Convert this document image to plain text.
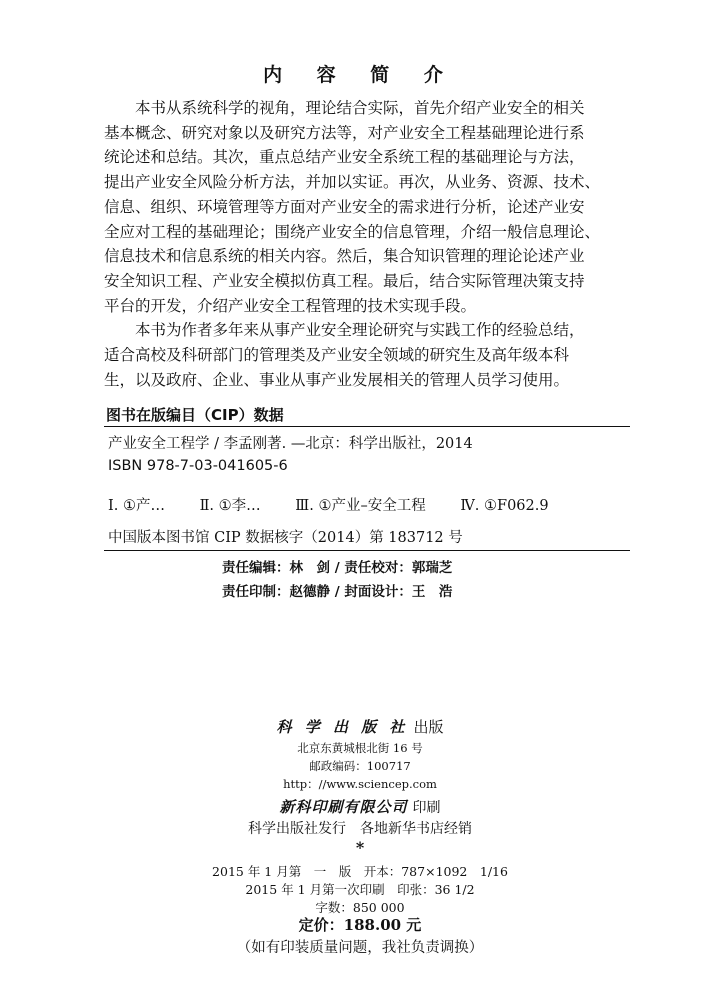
内 容 简 介
本书从系统科学的视角，理论结合实际，首先介绍产业安全的相关
基本概念、研究对象以及研究方法等，对产业安全工程基础理论进行系
统论述和总结。其次，重点总结产业安全系统工程的基础理论与方法，
提出产业安全风险分析方法，并加以实证。再次，从业务、资源、技术、
信息、组织、环境管理等方面对产业安全的需求进行分析，论述产业安
全应对工程的基础理论；围绕产业安全的信息管理，介绍一般信息理论、
信息技术和信息系统的相关内容。然后，集合知识管理的理论论述产业
安全知识工程、产业安全模拟仿真工程。最后，结合实际管理决策支持
平台的开发，介绍产业安全工程管理的技术实现手段。
本书为作者多年来从事产业安全理论研究与实践工作的经验总结，
适合高校及科研部门的管理类及产业安全领域的研究生及高年级本科
生，以及政府、企业、事业从事产业发展相关的管理人员学习使用。
图书在版编目（CIP）数据
产业安全工程学 / 李孟刚著. —北京：科学出版社，2014
ISBN 978-7-03-041605-6
Ⅰ. ①产… Ⅱ. ①李… Ⅲ. ①产业–安全工程 Ⅳ. ①F062.9
中国版本图书馆 CIP 数据核字（2014）第 183712 号
责任编辑：林　剑 / 责任校对：郭瑞芝
责任印制：赵德静 / 封面设计：王　浩
科 学 出 版 社 出版
北京东黄城根北街 16 号
邮政编码：100717
http：//www.sciencep.com
新科印刷有限公司 印刷
科学出版社发行　各地新华书店经销
*
2015 年 1 月第　一　版　开本：787×1092　1/16
2015 年 1 月第一次印刷　印张：36 1/2
字数：850 000
定价：188.00 元
（如有印装质量问题，我社负责调换）
